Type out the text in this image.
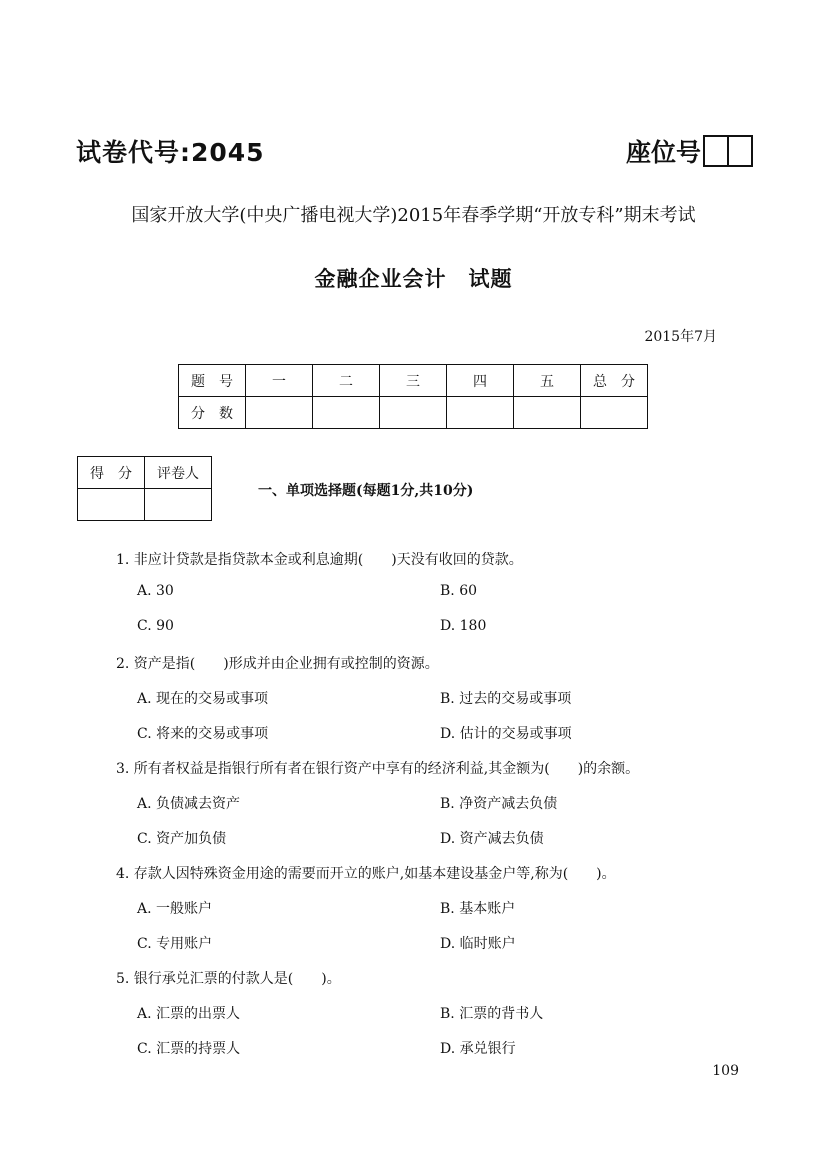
试卷代号:2045	座位号
国家开放大学(中央广播电视大学)2015年春季学期“开放专科”期末考试
金融企业会计　试题
2015年7月
题　号	一	二	三	四	五	总　分
分　数						
得　分	评卷人

一、单项选择题(每题1分,共10分)
1. 非应计贷款是指贷款本金或利息逾期(　　)天没有收回的贷款。
A. 30	B. 60
C. 90	D. 180
2. 资产是指(　　)形成并由企业拥有或控制的资源。
A. 现在的交易或事项	B. 过去的交易或事项
C. 将来的交易或事项	D. 估计的交易或事项
3. 所有者权益是指银行所有者在银行资产中享有的经济利益,其金额为(　　)的余额。
A. 负债减去资产	B. 净资产减去负债
C. 资产加负债	D. 资产减去负债
4. 存款人因特殊资金用途的需要而开立的账户,如基本建设基金户等,称为(　　)。
A. 一般账户	B. 基本账户
C. 专用账户	D. 临时账户
5. 银行承兑汇票的付款人是(　　)。
A. 汇票的出票人	B. 汇票的背书人
C. 汇票的持票人	D. 承兑银行
109
